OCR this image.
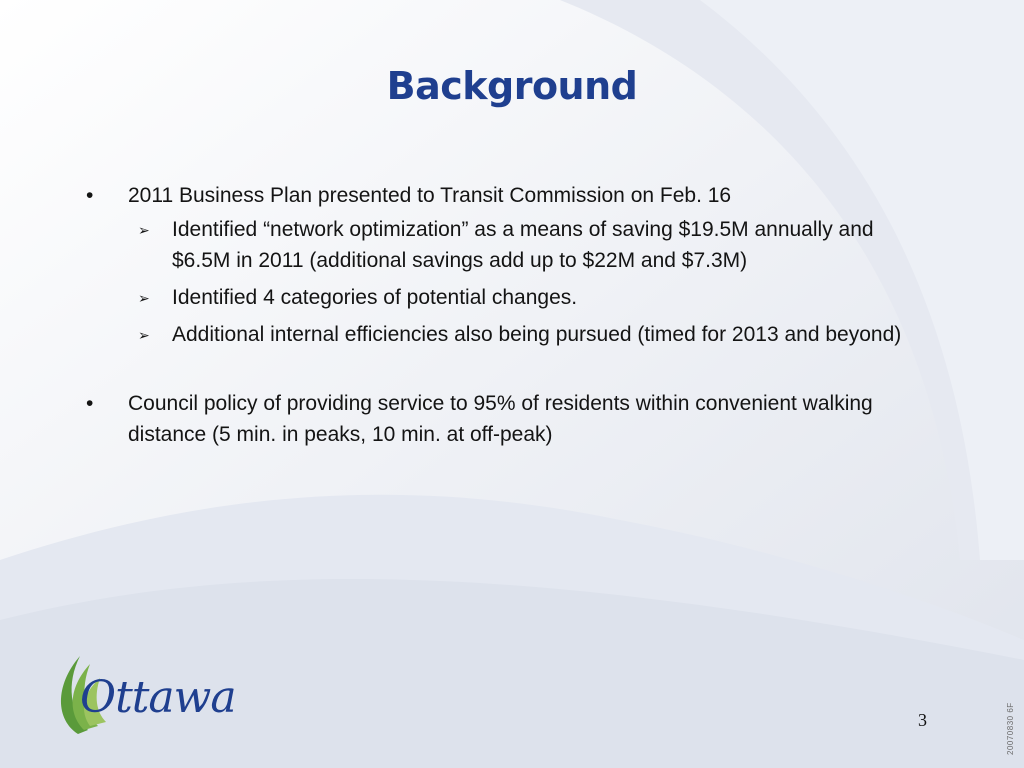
Background
• 2011 Business Plan presented to Transit Commission on Feb. 16
➢ Identified “network optimization” as a means of saving $19.5M annually and $6.5M in 2011 (additional savings add up to $22M and $7.3M)
➢ Identified 4 categories of potential changes.
➢ Additional internal efficiencies also being pursued (timed for 2013 and beyond)
• Council policy of providing service to 95% of residents within convenient walking distance (5 min. in peaks, 10 min. at off-peak)
Ottawa	3	20070830 6F
